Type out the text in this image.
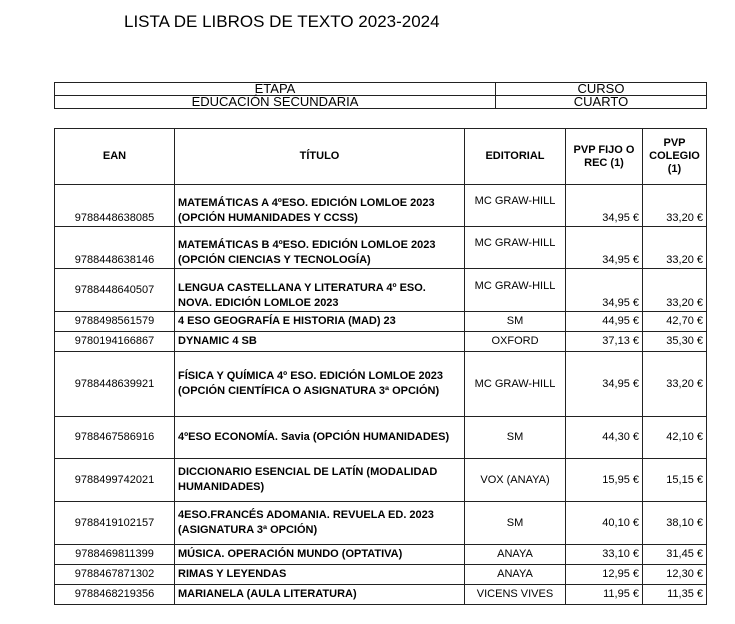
LISTA DE LIBROS DE TEXTO 2023-2024
ETAPA	CURSO
EDUCACIÓN SECUNDARIA	CUARTO
EAN	TÍTULO	EDITORIAL	PVP FIJO O REC (1)	PVP COLEGIO (1)
9788448638085	MATEMÁTICAS A 4ºESO. EDICIÓN LOMLOE 2023 (OPCIÓN HUMANIDADES Y CCSS)	MC GRAW-HILL	34,95 €	33,20 €
9788448638146	MATEMÁTICAS B 4ºESO. EDICIÓN LOMLOE 2023 (OPCIÓN CIENCIAS Y TECNOLOGÍA)	MC GRAW-HILL	34,95 €	33,20 €
9788448640507	LENGUA CASTELLANA Y LITERATURA 4º ESO. NOVA. EDICIÓN LOMLOE 2023	MC GRAW-HILL	34,95 €	33,20 €
9788498561579	4 ESO GEOGRAFÍA E HISTORIA (MAD) 23	SM	44,95 €	42,70 €
9780194166867	DYNAMIC 4 SB	OXFORD	37,13 €	35,30 €
9788448639921	FÍSICA Y QUÍMICA 4º ESO. EDICIÓN LOMLOE 2023 (OPCIÓN CIENTÍFICA O ASIGNATURA 3ª OPCIÓN)	MC GRAW-HILL	34,95 €	33,20 €
9788467586916	4ºESO ECONOMÍA. Savia (OPCIÓN HUMANIDADES)	SM	44,30 €	42,10 €
9788499742021	DICCIONARIO ESENCIAL DE LATÍN (MODALIDAD HUMANIDADES)	VOX (ANAYA)	15,95 €	15,15 €
9788419102157	4ESO.FRANCÉS ADOMANIA. REVUELA ED. 2023 (ASIGNATURA 3ª OPCIÓN)	SM	40,10 €	38,10 €
9788469811399	MÚSICA. OPERACIÓN MUNDO (OPTATIVA)	ANAYA	33,10 €	31,45 €
9788467871302	RIMAS Y LEYENDAS	ANAYA	12,95 €	12,30 €
9788468219356	MARIANELA (AULA LITERATURA)	VICENS VIVES	11,95 €	11,35 €
